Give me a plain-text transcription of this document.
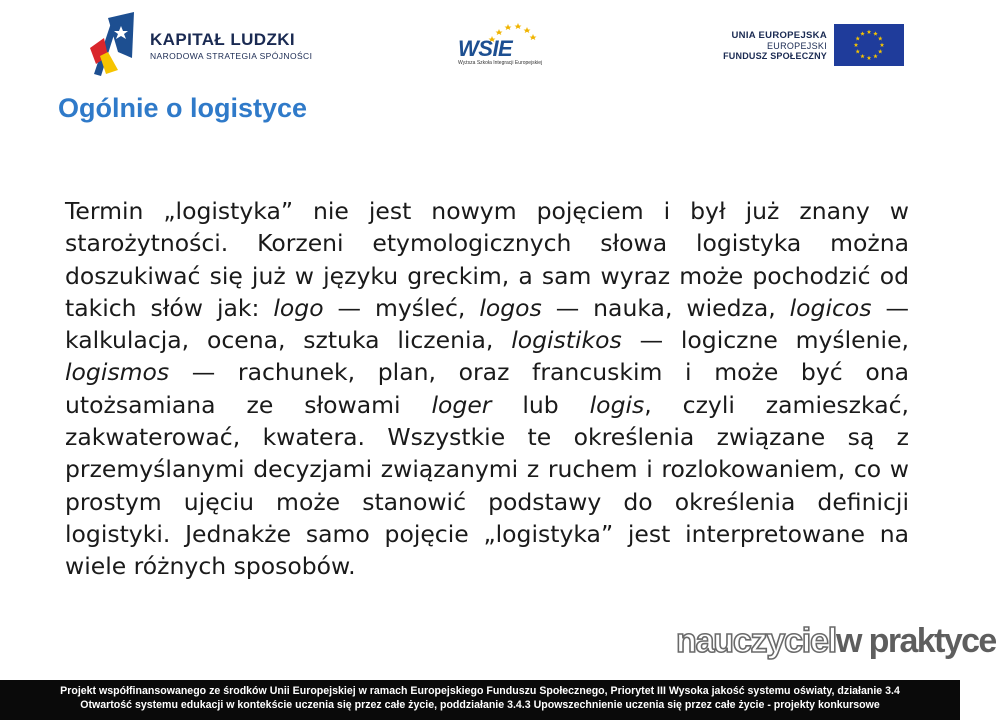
KAPITAŁ LUDZKI
NARODOWA STRATEGIA SPÓJNOŚCI	WSIE
Wyższa Szkoła Integracji Europejskiej
UNIA EUROPEJSKA
EUROPEJSKI
FUNDUSZ SPOŁECZNY
Ogólnie o logistyce

Termin „logistyka” nie jest nowym pojęciem i był już znany w starożytności. Korzeni etymologicznych słowa logistyka można doszukiwać się już w języku greckim, a sam wyraz może pochodzić od takich słów jak: logo — myśleć, logos — nauka, wiedza, logicos — kalkulacja, ocena, sztuka liczenia, logistikos — logiczne myślenie, logismos — rachunek, plan, oraz francuskim i może być ona utożsamiana ze słowami loger lub logis, czyli zamieszkać, zakwaterować, kwatera. Wszystkie te określenia związane są z przemyślanymi decyzjami związanymi z ruchem i rozlokowaniem, co w prostym ujęciu może stanowić podstawy do określenia definicji logistyki. Jednakże samo pojęcie „logistyka” jest interpretowane na wiele różnych sposobów.

nauczycielw praktyce
Projekt współfinansowanego ze środków Unii Europejskiej w ramach Europejskiego Funduszu Społecznego, Priorytet III Wysoka jakość systemu oświaty, działanie 3.4
Otwartość systemu edukacji w kontekście uczenia się przez całe życie, poddziałanie 3.4.3 Upowszechnienie uczenia się przez całe życie - projekty konkursowe
